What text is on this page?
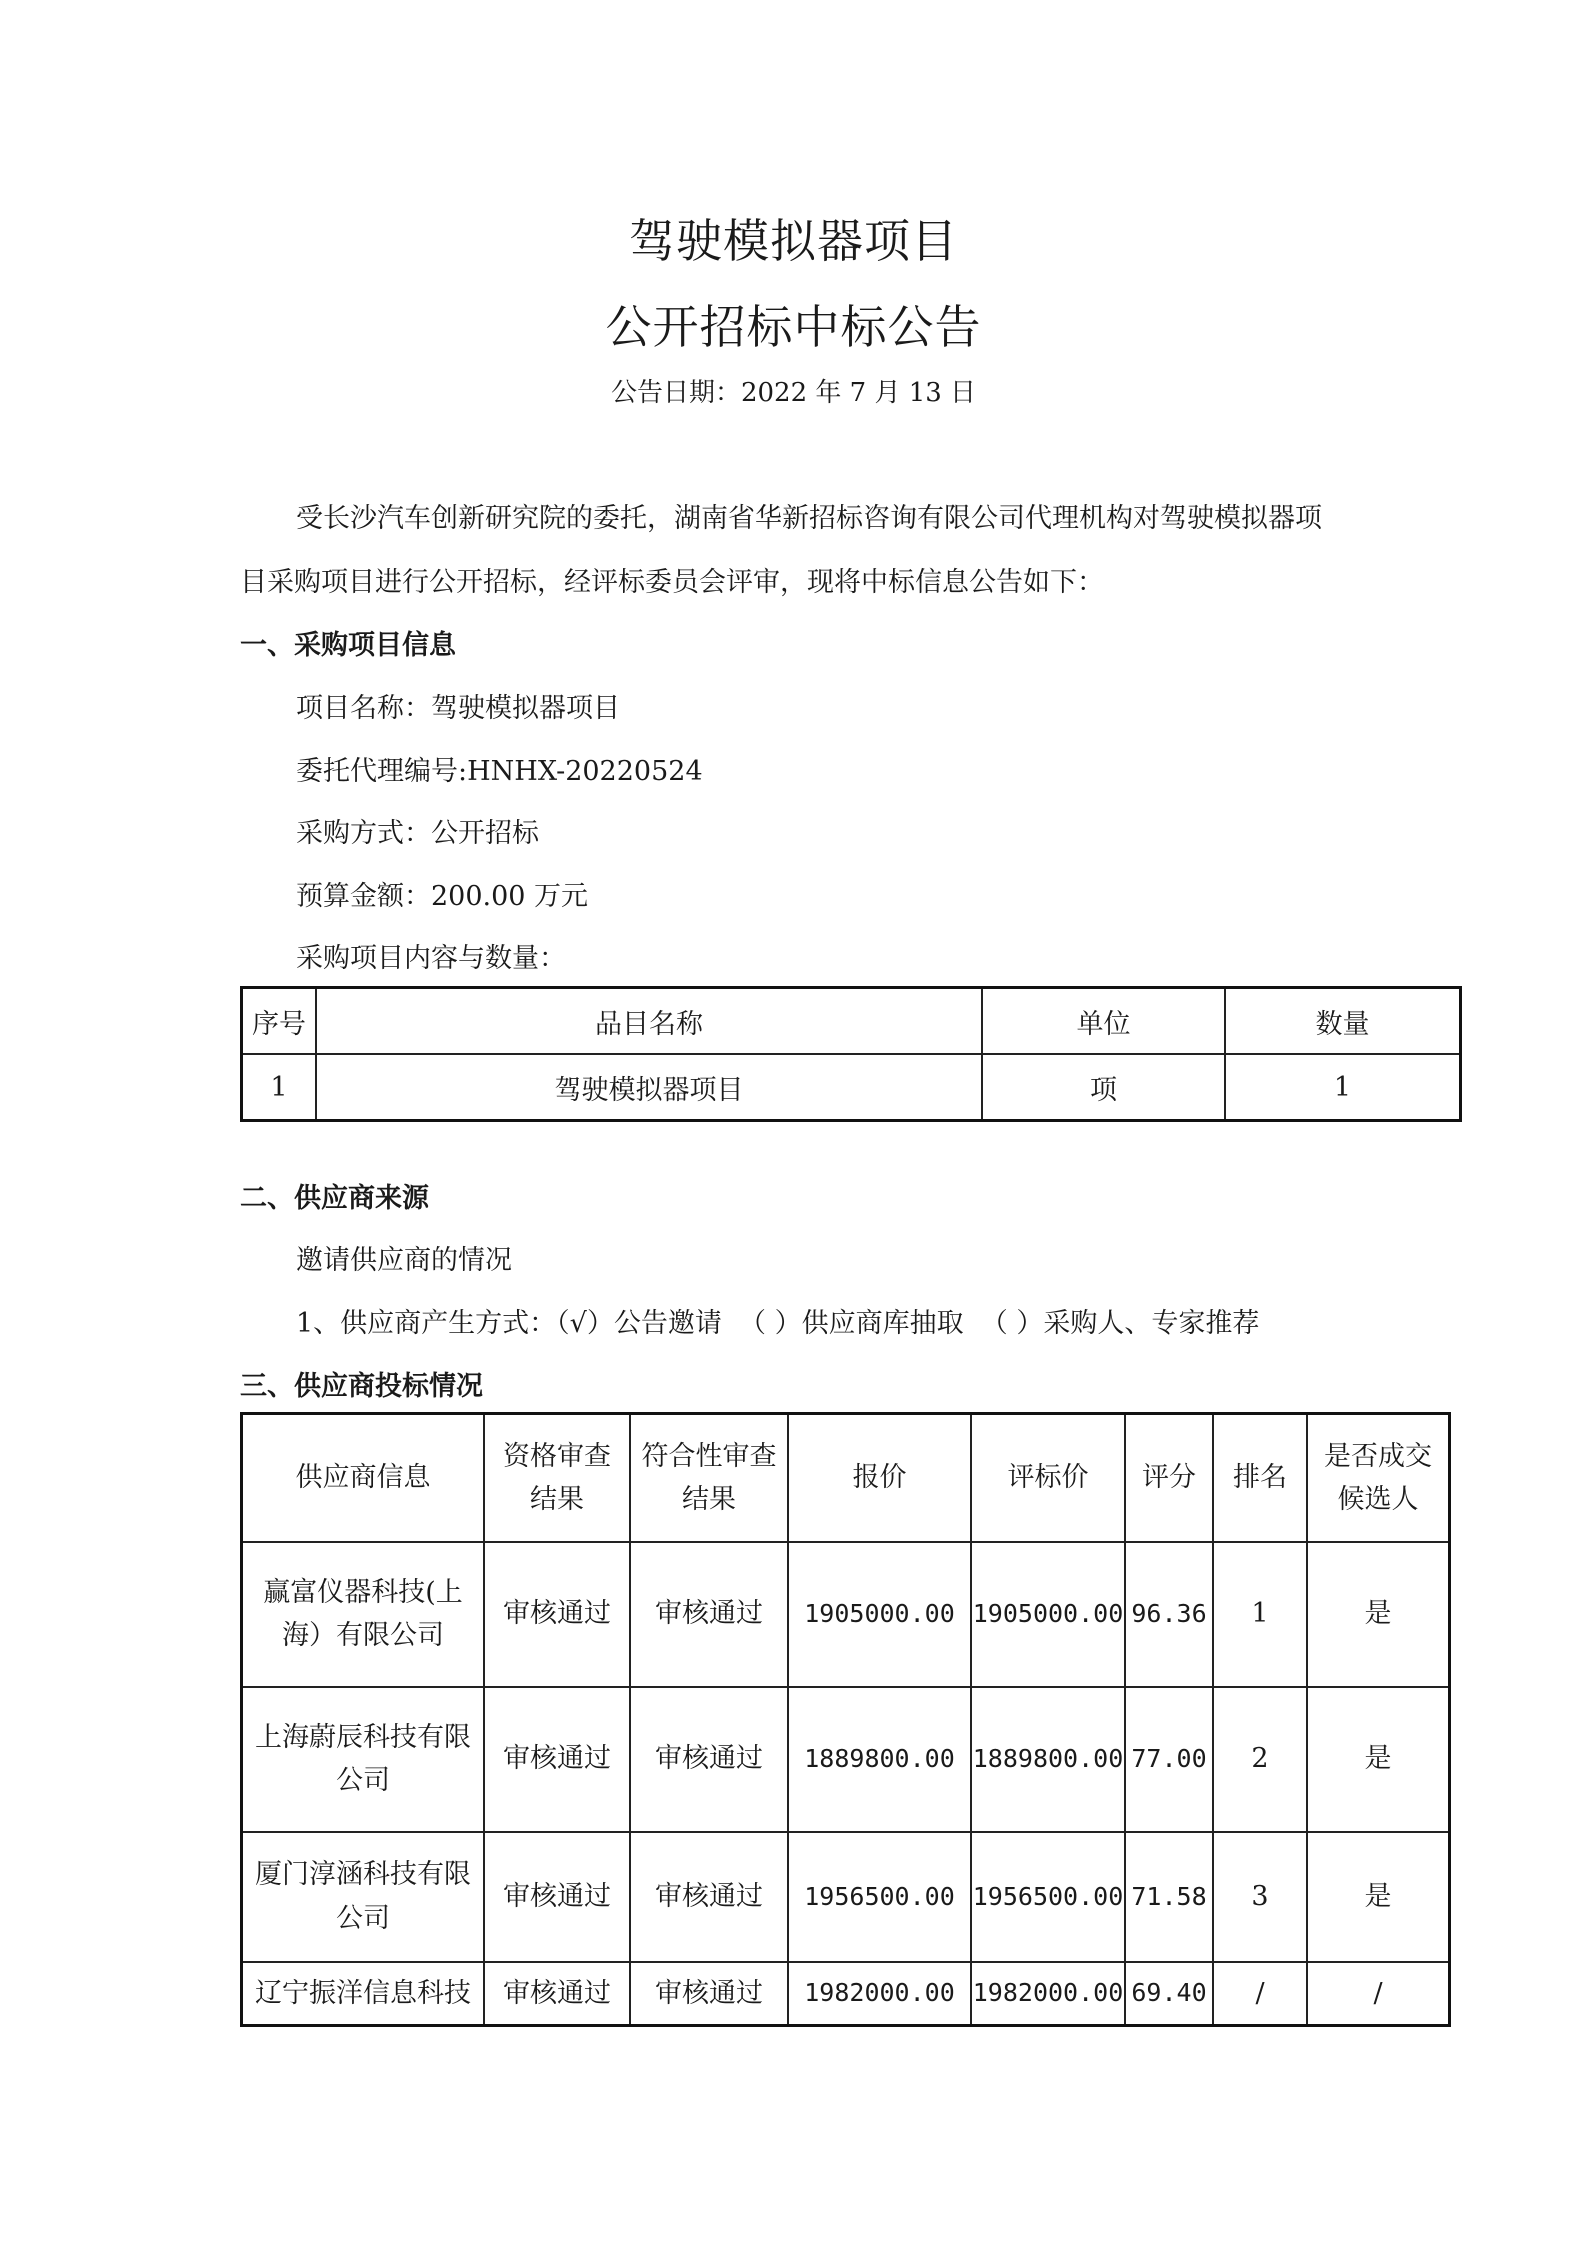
驾驶模拟器项目
公开招标中标公告
公告日期：2022 年 7 月 13 日
受长沙汽车创新研究院的委托，湖南省华新招标咨询有限公司代理机构对驾驶模拟器项
目采购项目进行公开招标，经评标委员会评审，现将中标信息公告如下：
一、采购项目信息
项目名称：驾驶模拟器项目
委托代理编号:HNHX-20220524
采购方式：公开招标
预算金额：200.00 万元
采购项目内容与数量：
序号	品目名称	单位	数量
1	驾驶模拟器项目	项	1
二、供应商来源
邀请供应商的情况
1、供应商产生方式：（√）公告邀请  （ ）供应商库抽取  （ ）采购人、专家推荐
三、供应商投标情况
供应商信息	资格审查结果	符合性审查结果	报价	评标价	评分	排名	是否成交候选人
赢富仪器科技(上海）有限公司	审核通过	审核通过	1905000.00	1905000.00	96.36	1	是
上海蔚辰科技有限公司	审核通过	审核通过	1889800.00	1889800.00	77.00	2	是
厦门淳涵科技有限公司	审核通过	审核通过	1956500.00	1956500.00	71.58	3	是
辽宁振洋信息科技	审核通过	审核通过	1982000.00	1982000.00	69.40	/	/
